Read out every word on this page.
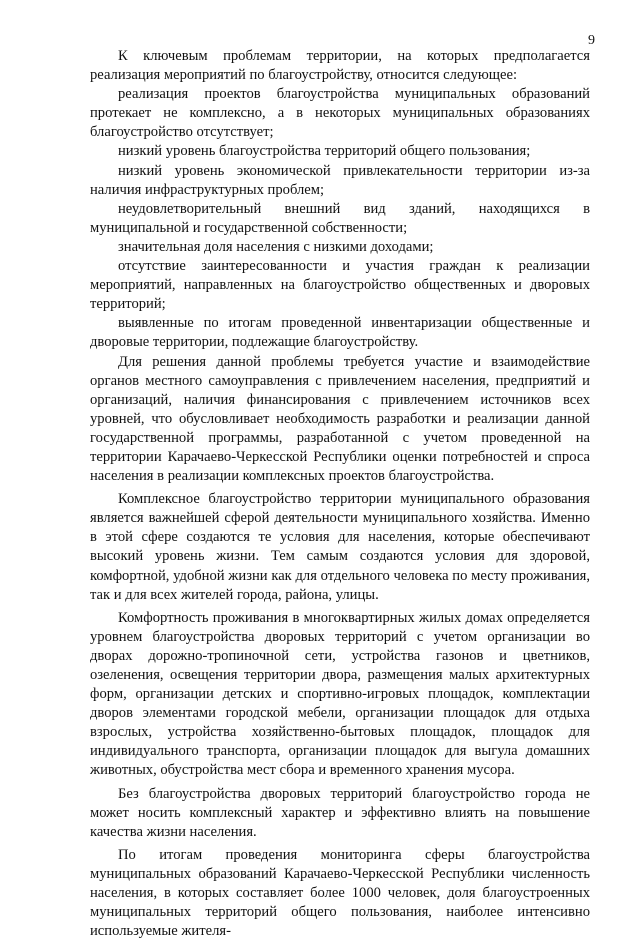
9

К ключевым проблемам территории, на которых предполагается реализация мероприятий по благоустройству, относится следующее:

реализация проектов благоустройства муниципальных образований протекает не комплексно, а в некоторых муниципальных образованиях благоустройство отсутствует;

низкий уровень благоустройства территорий общего пользования;

низкий уровень экономической привлекательности территории из-за наличия инфраструктурных проблем;

неудовлетворительный внешний вид зданий, находящихся в муниципальной и государственной собственности;

значительная доля населения с низкими доходами;

отсутствие заинтересованности и участия граждан к реализации мероприятий, направленных на благоустройство общественных и дворовых территорий;

выявленные по итогам проведенной инвентаризации общественные и дворовые территории, подлежащие благоустройству.

Для решения данной проблемы требуется участие и взаимодействие органов местного самоуправления с привлечением населения, предприятий и организаций, наличия финансирования с привлечением источников всех уровней, что обусловливает необходимость разработки и реализации данной государственной программы, разработанной с учетом проведенной на территории Карачаево-Черкесской Республики оценки потребностей и спроса населения в реализации комплексных проектов благоустройства.

Комплексное благоустройство территории муниципального образования является важнейшей сферой деятельности муниципального хозяйства. Именно в этой сфере создаются те условия для населения, которые обеспечивают высокий уровень жизни. Тем самым создаются условия для здоровой, комфортной, удобной жизни как для отдельного человека по месту проживания, так и для всех жителей города, района, улицы.

Комфортность проживания в многоквартирных жилых домах определяется уровнем благоустройства дворовых территорий с учетом организации во дворах дорожно-тропиночной сети, устройства газонов и цветников, озеленения, освещения территории двора, размещения малых архитектурных форм, организации детских и спортивно-игровых площадок, комплектации дворов элементами городской мебели, организации площадок для отдыха взрослых, устройства хозяйственно-бытовых площадок, площадок для индивидуального транспорта, организации площадок для выгула домашних животных, обустройства мест сбора и временного хранения мусора.

Без благоустройства дворовых территорий благоустройство города не может носить комплексный характер и эффективно влиять на повышение качества жизни населения.

По итогам проведения мониторинга сферы благоустройства муниципальных образований Карачаево-Черкесской Республики численность населения, в которых составляет более 1000 человек, доля благоустроенных муниципальных территорий общего пользования, наиболее интенсивно используемые жителя-
